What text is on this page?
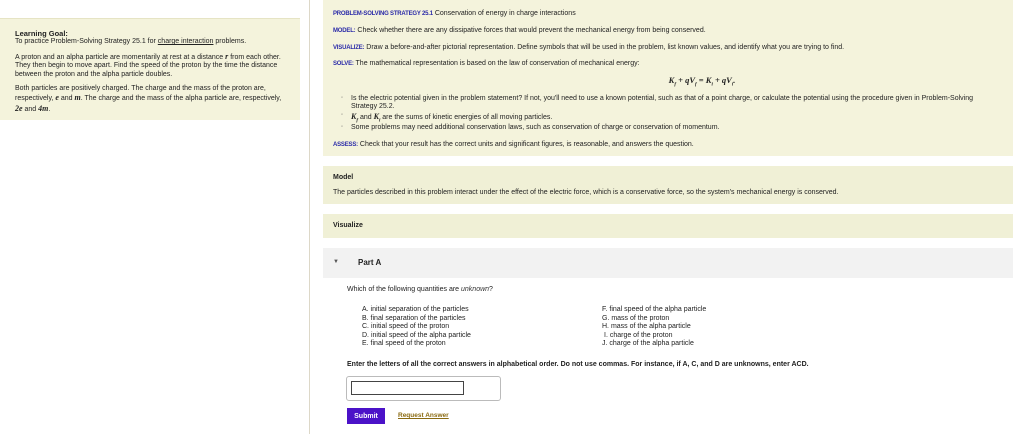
Learning Goal:

To practice Problem-Solving Strategy 25.1 for charge interaction problems.

A proton and an alpha particle are momentarily at rest at a distance r from each other. They then begin to move apart. Find the speed of the proton by the time the distance between the proton and the alpha particle doubles.

Both particles are positively charged. The charge and the mass of the proton are, respectively, e and m. The charge and the mass of the alpha particle are, respectively, 2e and 4m.

PROBLEM-SOLVING STRATEGY 25.1 Conservation of energy in charge interactions
MODEL: Check whether there are any dissipative forces that would prevent the mechanical energy from being conserved.
VISUALIZE: Draw a before-and-after pictorial representation. Define symbols that will be used in the problem, list known values, and identify what you are trying to find.
SOLVE: The mathematical representation is based on the law of conservation of mechanical energy:
$K_f + qV_f = K_i + qV_i$.
◦ Is the electric potential given in the problem statement? If not, you'll need to use a known potential, such as that of a point charge, or calculate the potential using the procedure given in Problem-Solving Strategy 25.2.
◦ $K_f$ and $K_i$ are the sums of kinetic energies of all moving particles.
◦ Some problems may need additional conservation laws, such as conservation of charge or conservation of momentum.
ASSESS: Check that your result has the correct units and significant figures, is reasonable, and answers the question.
Model
The particles described in this problem interact under the effect of the electric force, which is a conservative force, so the system's mechanical energy is conserved.
Visualize
▼	Part A
Which of the following quantities are unknown?
A. initial separation of the particles
B. final separation of the particles
C. initial speed of the proton
D. initial speed of the alpha particle
E. final speed of the proton
F. final speed of the alpha particle
G. mass of the proton
H. mass of the alpha particle
I. charge of the proton
J. charge of the alpha particle
Enter the letters of all the correct answers in alphabetical order. Do not use commas. For instance, if A, C, and D are unknowns, enter ACD.
Submit	Request Answer
